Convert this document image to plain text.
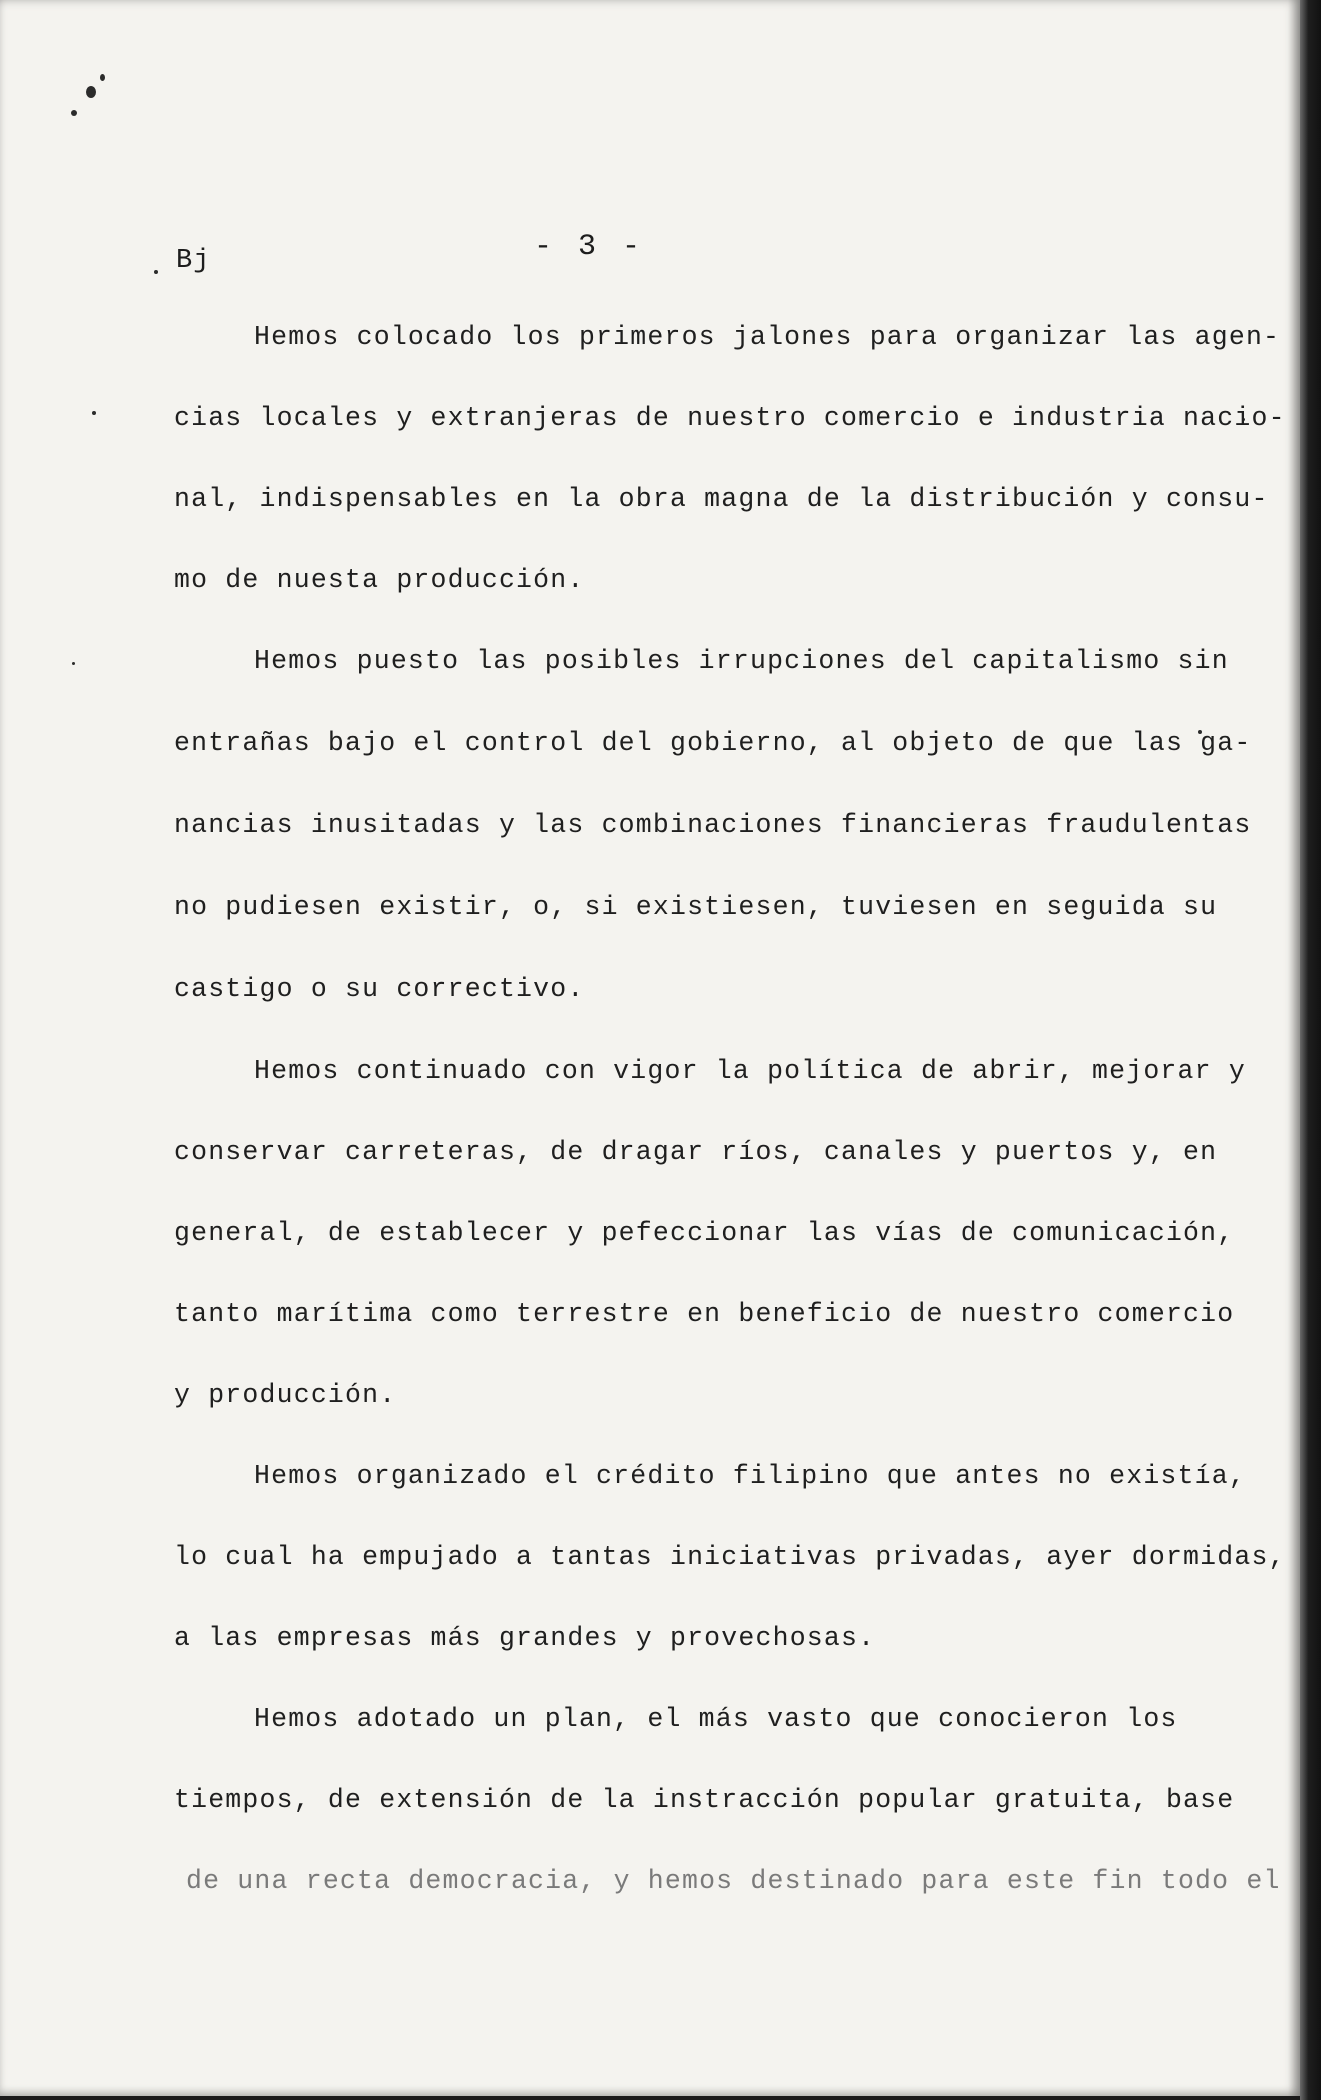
Bj	- 3 -
Hemos colocado los primeros jalones para organizar las agen-
cias locales y extranjeras de nuestro comercio e industria nacio-
nal, indispensables en la obra magna de la distribución y consu-
mo de nuesta producción.
Hemos puesto las posibles irrupciones del capitalismo sin
entrañas bajo el control del gobierno, al objeto de que las ga-
nancias inusitadas y las combinaciones financieras fraudulentas
no pudiesen existir, o, si existiesen, tuviesen en seguida su
castigo o su correctivo.
Hemos continuado con vigor la política de abrir, mejorar y
conservar carreteras, de dragar ríos, canales y puertos y, en
general, de establecer y pefeccionar las vías de comunicación,
tanto marítima como terrestre en beneficio de nuestro comercio
y producción.
Hemos organizado el crédito filipino que antes no existía,
lo cual ha empujado a tantas iniciativas privadas, ayer dormidas,
a las empresas más grandes y provechosas.
Hemos adotado un plan, el más vasto que conocieron los
tiempos, de extensión de la instracción popular gratuita, base
de una recta democracia, y hemos destinado para este fin todo el
